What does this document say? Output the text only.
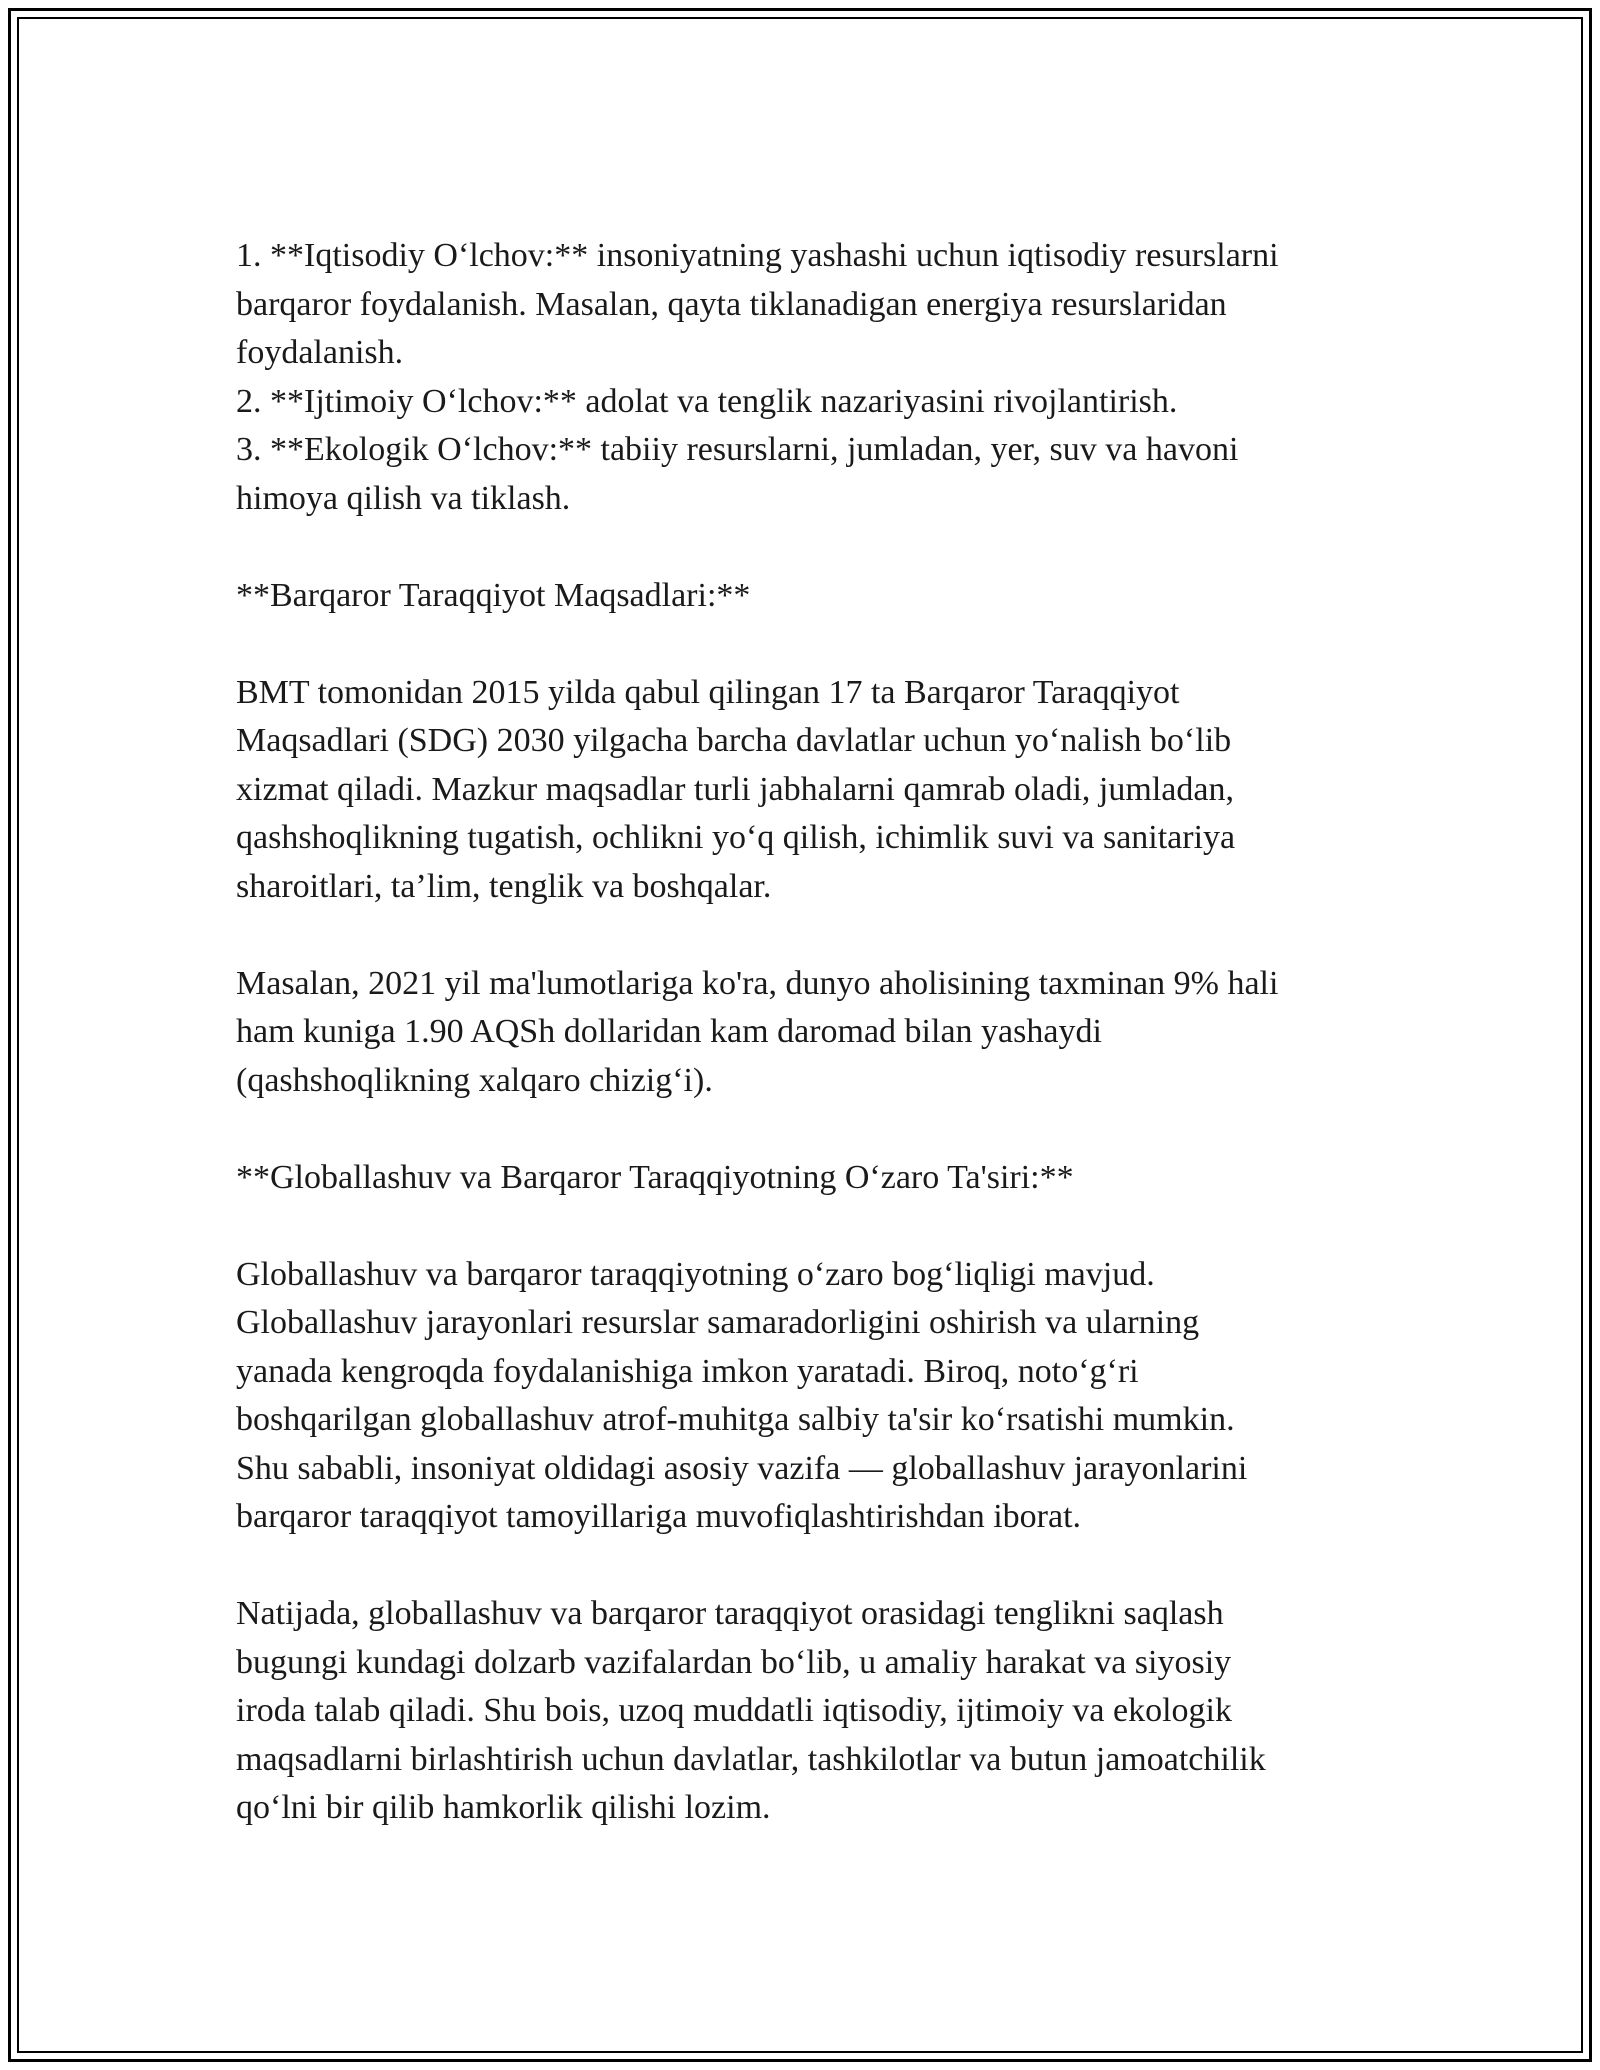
1. **Iqtisodiy O‘lchov:** insoniyatning yashashi uchun iqtisodiy resurslarni
barqaror foydalanish. Masalan, qayta tiklanadigan energiya resurslaridan
foydalanish.
2. **Ijtimoiy O‘lchov:** adolat va tenglik nazariyasini rivojlantirish.
3. **Ekologik O‘lchov:** tabiiy resurslarni, jumladan, yer, suv va havoni
himoya qilish va tiklash.
**Barqaror Taraqqiyot Maqsadlari:**
BMT tomonidan 2015 yilda qabul qilingan 17 ta Barqaror Taraqqiyot
Maqsadlari (SDG) 2030 yilgacha barcha davlatlar uchun yo‘nalish bo‘lib
xizmat qiladi. Mazkur maqsadlar turli jabhalarni qamrab oladi, jumladan,
qashshoqlikning tugatish, ochlikni yo‘q qilish, ichimlik suvi va sanitariya
sharoitlari, ta’lim, tenglik va boshqalar.
Masalan, 2021 yil ma'lumotlariga ko'ra, dunyo aholisining taxminan 9% hali
ham kuniga 1.90 AQSh dollaridan kam daromad bilan yashaydi
(qashshoqlikning xalqaro chizig‘i).
**Globallashuv va Barqaror Taraqqiyotning O‘zaro Ta'siri:**
Globallashuv va barqaror taraqqiyotning o‘zaro bog‘liqligi mavjud.
Globallashuv jarayonlari resurslar samaradorligini oshirish va ularning
yanada kengroqda foydalanishiga imkon yaratadi. Biroq, noto‘g‘ri
boshqarilgan globallashuv atrof-muhitga salbiy ta'sir ko‘rsatishi mumkin.
Shu sababli, insoniyat oldidagi asosiy vazifa — globallashuv jarayonlarini
barqaror taraqqiyot tamoyillariga muvofiqlashtirishdan iborat.
Natijada, globallashuv va barqaror taraqqiyot orasidagi tenglikni saqlash
bugungi kundagi dolzarb vazifalardan bo‘lib, u amaliy harakat va siyosiy
iroda talab qiladi. Shu bois, uzoq muddatli iqtisodiy, ijtimoiy va ekologik
maqsadlarni birlashtirish uchun davlatlar, tashkilotlar va butun jamoatchilik
qo‘lni bir qilib hamkorlik qilishi lozim.
